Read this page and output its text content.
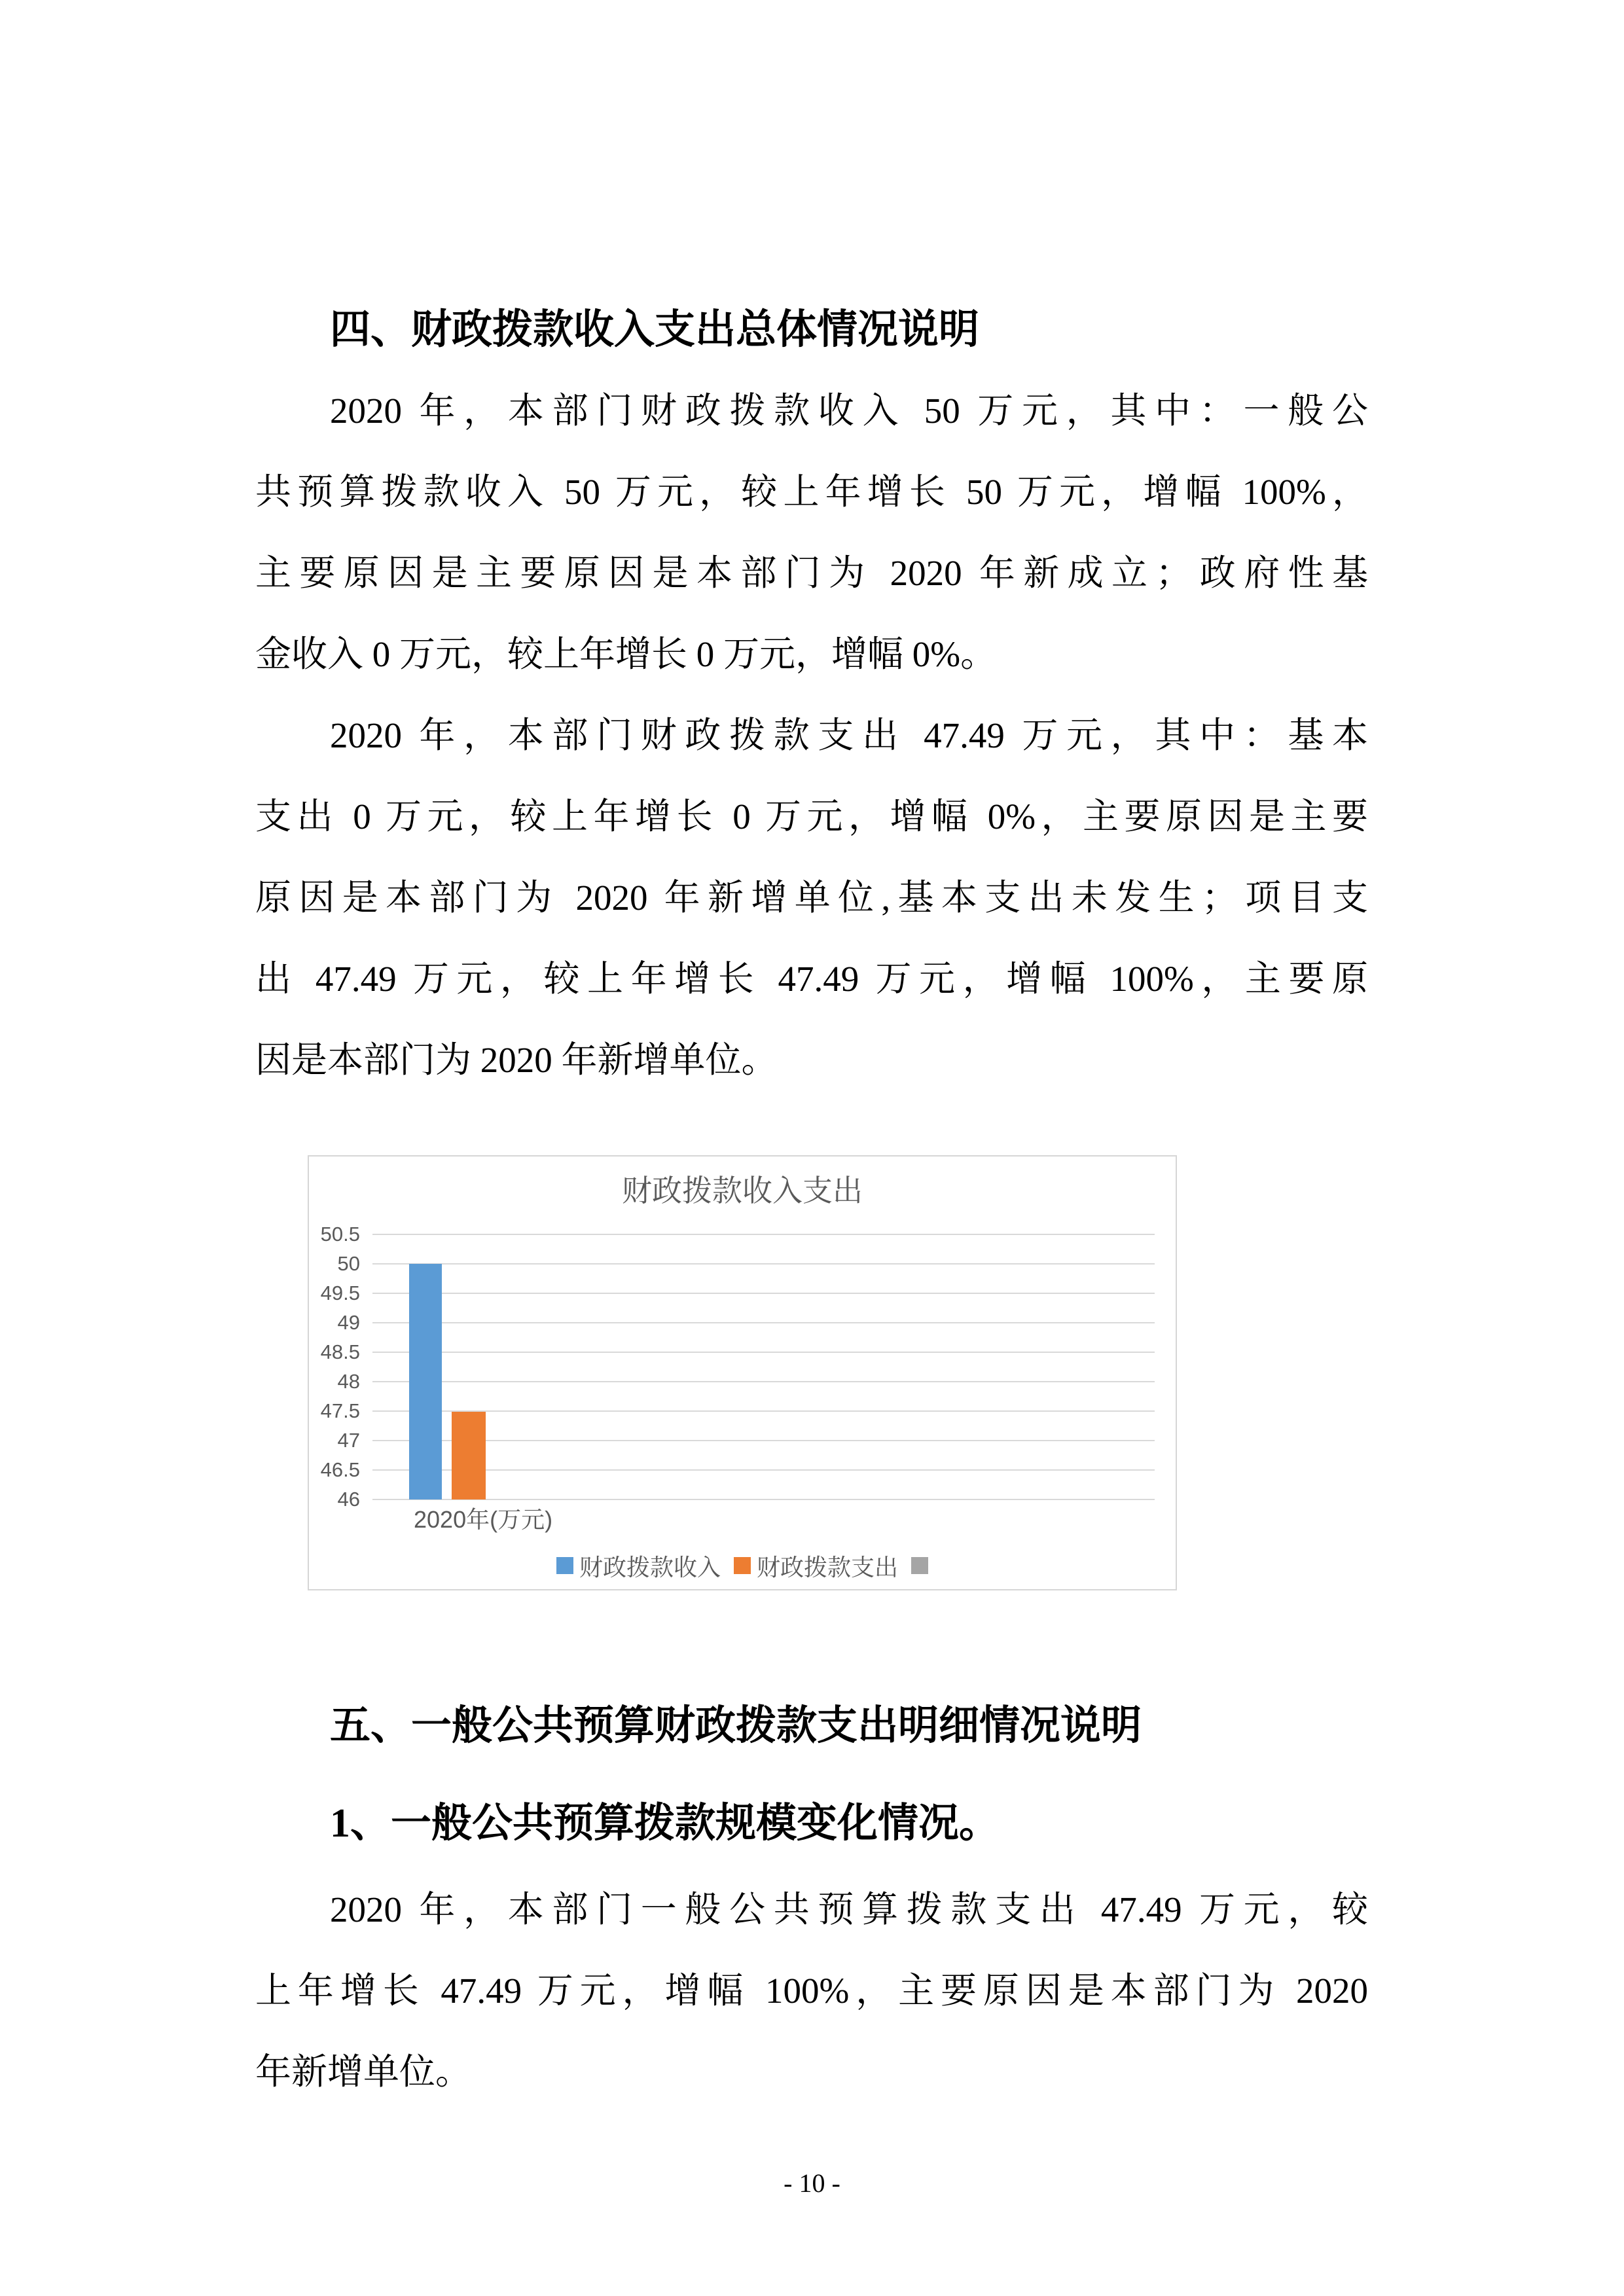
四、财政拨款收入支出总体情况说明
2020 年，本部门财政拨款收入 50 万元，其中：一般公
共预算拨款收入 50 万元，较上年增长 50 万元，增幅 100%，
主要原因是主要原因是本部门为 2020 年新成立；政府性基
金收入 0 万元，较上年增长 0 万元，增幅 0%。
2020 年，本部门财政拨款支出 47.49 万元，其中：基本
支出 0 万元，较上年增长 0 万元，增幅 0%，主要原因是主要
原因是本部门为 2020 年新增单位,基本支出未发生；项目支
出 47.49 万元，较上年增长 47.49 万元，增幅 100%，主要原
因是本部门为 2020 年新增单位。
财政拨款收入支出
46
46.5
47
47.5
48
48.5
49
49.5
50
50.5
2020年(万元)
财政拨款收入 财政拨款支出
五、一般公共预算财政拨款支出明细情况说明
1、一般公共预算拨款规模变化情况。
2020 年，本部门一般公共预算拨款支出 47.49 万元，较
上年增长 47.49 万元，增幅 100%，主要原因是本部门为 2020
年新增单位。
- 10 -
